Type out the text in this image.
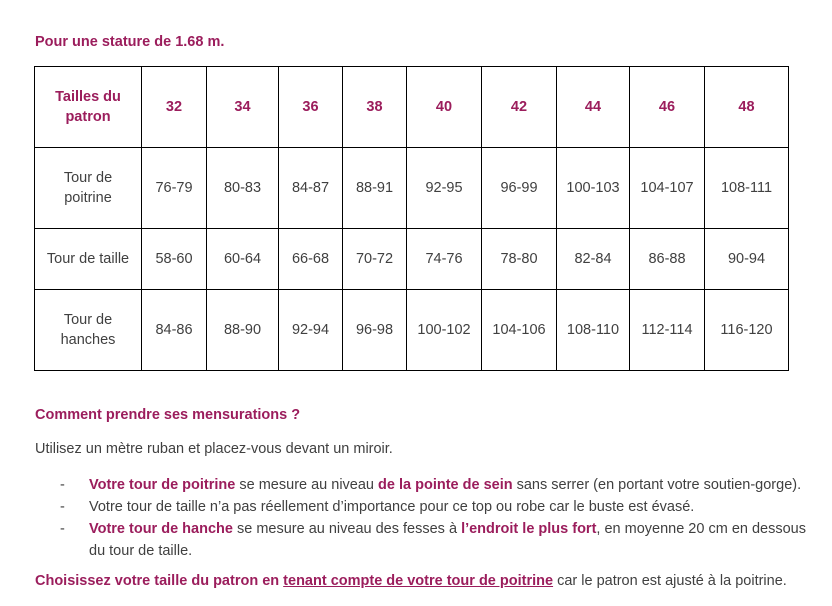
Pour une stature de 1.68 m.
Tailles du patron	32	34	36	38	40	42	44	46	48
Tour de poitrine	76-79	80-83	84-87	88-91	92-95	96-99	100-103	104-107	108-111
Tour de taille	58-60	60-64	66-68	70-72	74-76	78-80	82-84	86-88	90-94
Tour de hanches	84-86	88-90	92-94	96-98	100-102	104-106	108-110	112-114	116-120
Comment prendre ses mensurations ?
Utilisez un mètre ruban et placez-vous devant un miroir.
- Votre tour de poitrine se mesure au niveau de la pointe de sein sans serrer (en portant votre soutien-gorge).
- Votre tour de taille n’a pas réellement d’importance pour ce top ou robe car le buste est évasé.
- Votre tour de hanche se mesure au niveau des fesses à l’endroit le plus fort, en moyenne 20 cm en dessous du tour de taille.
Choisissez votre taille du patron en tenant compte de votre tour de poitrine car le patron est ajusté à la poitrine.
